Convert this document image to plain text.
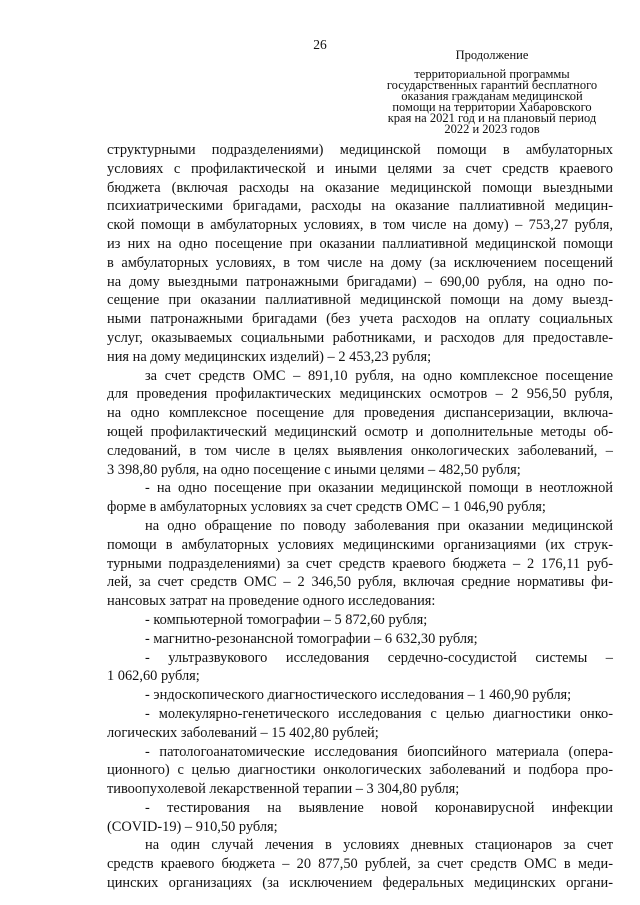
26
Продолжение
территориальной программы
государственных гарантий бесплатного
оказания гражданам медицинской
помощи на территории Хабаровского
края на 2021 год и на плановый период
2022 и 2023 годов
структурными подразделениями) медицинской помощи в амбулаторных
условиях с профилактической и иными целями за счет средств краевого
бюджета (включая расходы на оказание медицинской помощи выездными
психиатрическими бригадами, расходы на оказание паллиативной медицин-
ской помощи в амбулаторных условиях, в том числе на дому) – 753,27 рубля,
из них на одно посещение при оказании паллиативной медицинской помощи
в амбулаторных условиях, в том числе на дому (за исключением посещений
на дому выездными патронажными бригадами) – 690,00 рубля, на одно по-
сещение при оказании паллиативной медицинской помощи на дому выезд-
ными патронажными бригадами (без учета расходов на оплату социальных
услуг, оказываемых социальными работниками, и расходов для предоставле-
ния на дому медицинских изделий) – 2 453,23 рубля;
за счет средств ОМС – 891,10 рубля, на одно комплексное посещение
для проведения профилактических медицинских осмотров – 2 956,50 рубля,
на одно комплексное посещение для проведения диспансеризации, включа-
ющей профилактический медицинский осмотр и дополнительные методы об-
следований, в том числе в целях выявления онкологических заболеваний, –
3 398,80 рубля, на одно посещение с иными целями – 482,50 рубля;
- на одно посещение при оказании медицинской помощи в неотложной
форме в амбулаторных условиях за счет средств ОМС – 1 046,90 рубля;
на одно обращение по поводу заболевания при оказании медицинской
помощи в амбулаторных условиях медицинскими организациями (их струк-
турными подразделениями) за счет средств краевого бюджета – 2 176,11 руб-
лей, за счет средств ОМС – 2 346,50 рубля, включая средние нормативы фи-
нансовых затрат на проведение одного исследования:
- компьютерной томографии – 5 872,60 рубля;
- магнитно-резонансной томографии – 6 632,30 рубля;
- ультразвукового исследования сердечно-сосудистой системы –
1 062,60 рубля;
- эндоскопического диагностического исследования – 1 460,90 рубля;
- молекулярно-генетического исследования с целью диагностики онко-
логических заболеваний – 15 402,80 рублей;
- патологоанатомические исследования биопсийного материала (опера-
ционного) с целью диагностики онкологических заболеваний и подбора про-
тивоопухолевой лекарственной терапии – 3 304,80 рубля;
- тестирования на выявление новой коронавирусной инфекции
(COVID-19) – 910,50 рубля;
на один случай лечения в условиях дневных стационаров за счет
средств краевого бюджета – 20 877,50 рублей, за счет средств ОМС в меди-
цинских организациях (за исключением федеральных медицинских органи-
